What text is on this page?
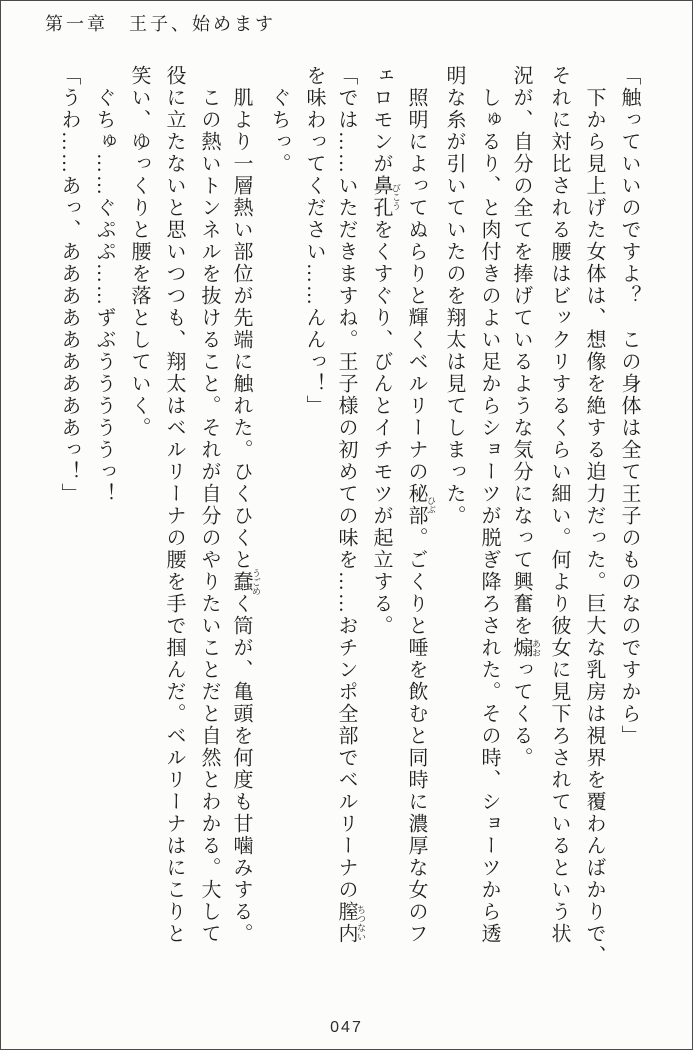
第一章　王子、始めます
「触っていいのですよ？　この身体は全て王子のものなのですから」
下から見上げた女体は、想像を絶する迫力だった。巨大な乳房は視界を覆わんばかりで、
それに対比される腰はビックリするくらい細い。何より彼女に見下ろされているという状
況が、自分の全てを捧げているような気分になって興奮を煽 あおってくる。
しゅるり、と肉付きのよい足からショーツが脱ぎ降ろされた。その時、ショーツから透
明な糸が引いていたのを翔太は見てしまった。
照明によってぬらりと輝くベルリーナの秘部 ひぶ。ごくりと唾を飲むと同時に濃厚な女のフ
ェロモンが鼻孔 びこうをくすぐり、びんとイチモツが起立する。
「では……いただきますね。王子様の初めての味を……おチンポ全部でベルリーナの膣内 ちつない
を味わってください……んんっ！」
ぐちっ。
肌より一層熱い部位が先端に触れた。ひくひくと蠢 うごめく筒が、亀頭を何度も甘噛みする。
この熱いトンネルを抜けること。それが自分のやりたいことだと自然とわかる。大して
役に立たないと思いつつも、翔太はベルリーナの腰を手で掴んだ。ベルリーナはにこりと
笑い、ゆっくりと腰を落としていく。
ぐちゅ……ぐぷぷ……ずぶうううううっ！
「うわ……あっ、あああああああああっ！」
047
